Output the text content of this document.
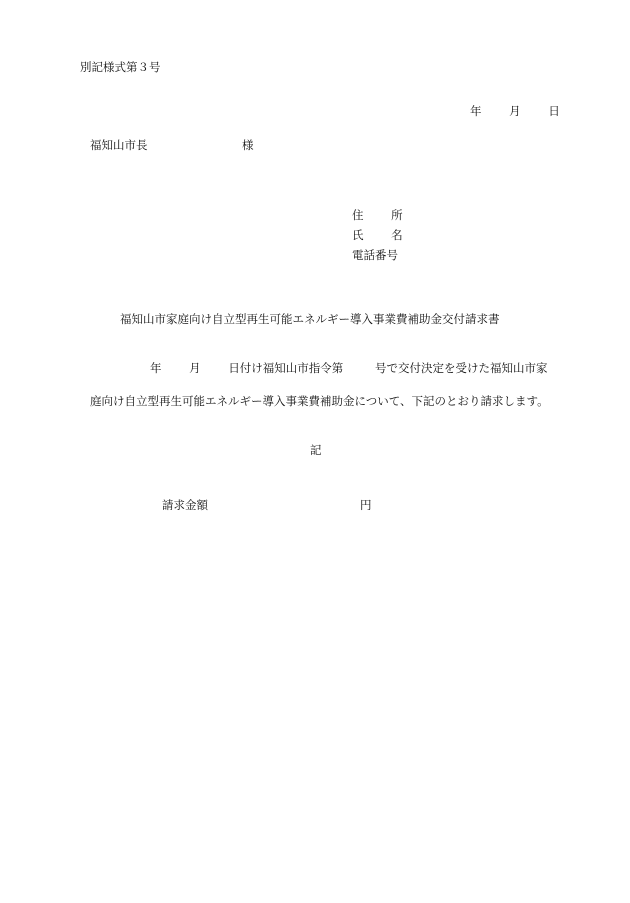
別記様式第３号
年 月 日
福知山市長	様
住 所
氏 名
電話番号
福知山市家庭向け自立型再生可能エネルギー導入事業費補助金交付請求書
年 月 日付け福知山市指令第	号で交付決定を受けた福知山市家
庭向け自立型再生可能エネルギー導入事業費補助金について、下記のとおり請求します。
記
請求金額	円
